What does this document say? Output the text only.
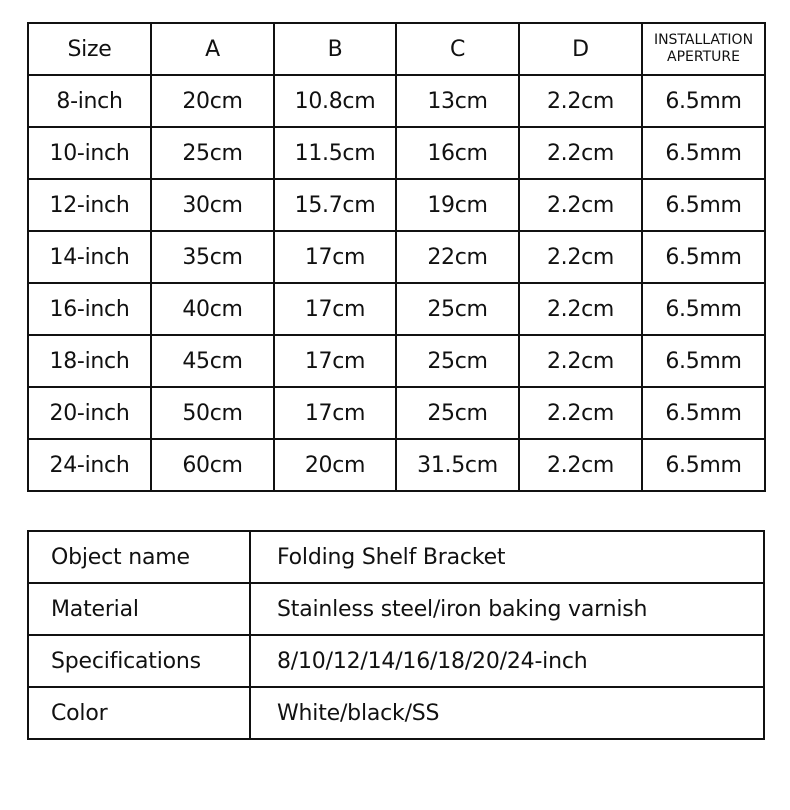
Size	A	B	C	D	INSTALLATION
APERTURE

8-inch	20cm	10.8cm	13cm	2.2cm	6.5mm
10-inch	25cm	11.5cm	16cm	2.2cm	6.5mm
12-inch	30cm	15.7cm	19cm	2.2cm	6.5mm
14-inch	35cm	17cm	22cm	2.2cm	6.5mm
16-inch	40cm	17cm	25cm	2.2cm	6.5mm
18-inch	45cm	17cm	25cm	2.2cm	6.5mm
20-inch	50cm	17cm	25cm	2.2cm	6.5mm
24-inch	60cm	20cm	31.5cm	2.2cm	6.5mm
Object name	Folding Shelf Bracket
Material	Stainless steel/iron baking varnish
Specifications	8/10/12/14/16/18/20/24-inch
Color	White/black/SS
